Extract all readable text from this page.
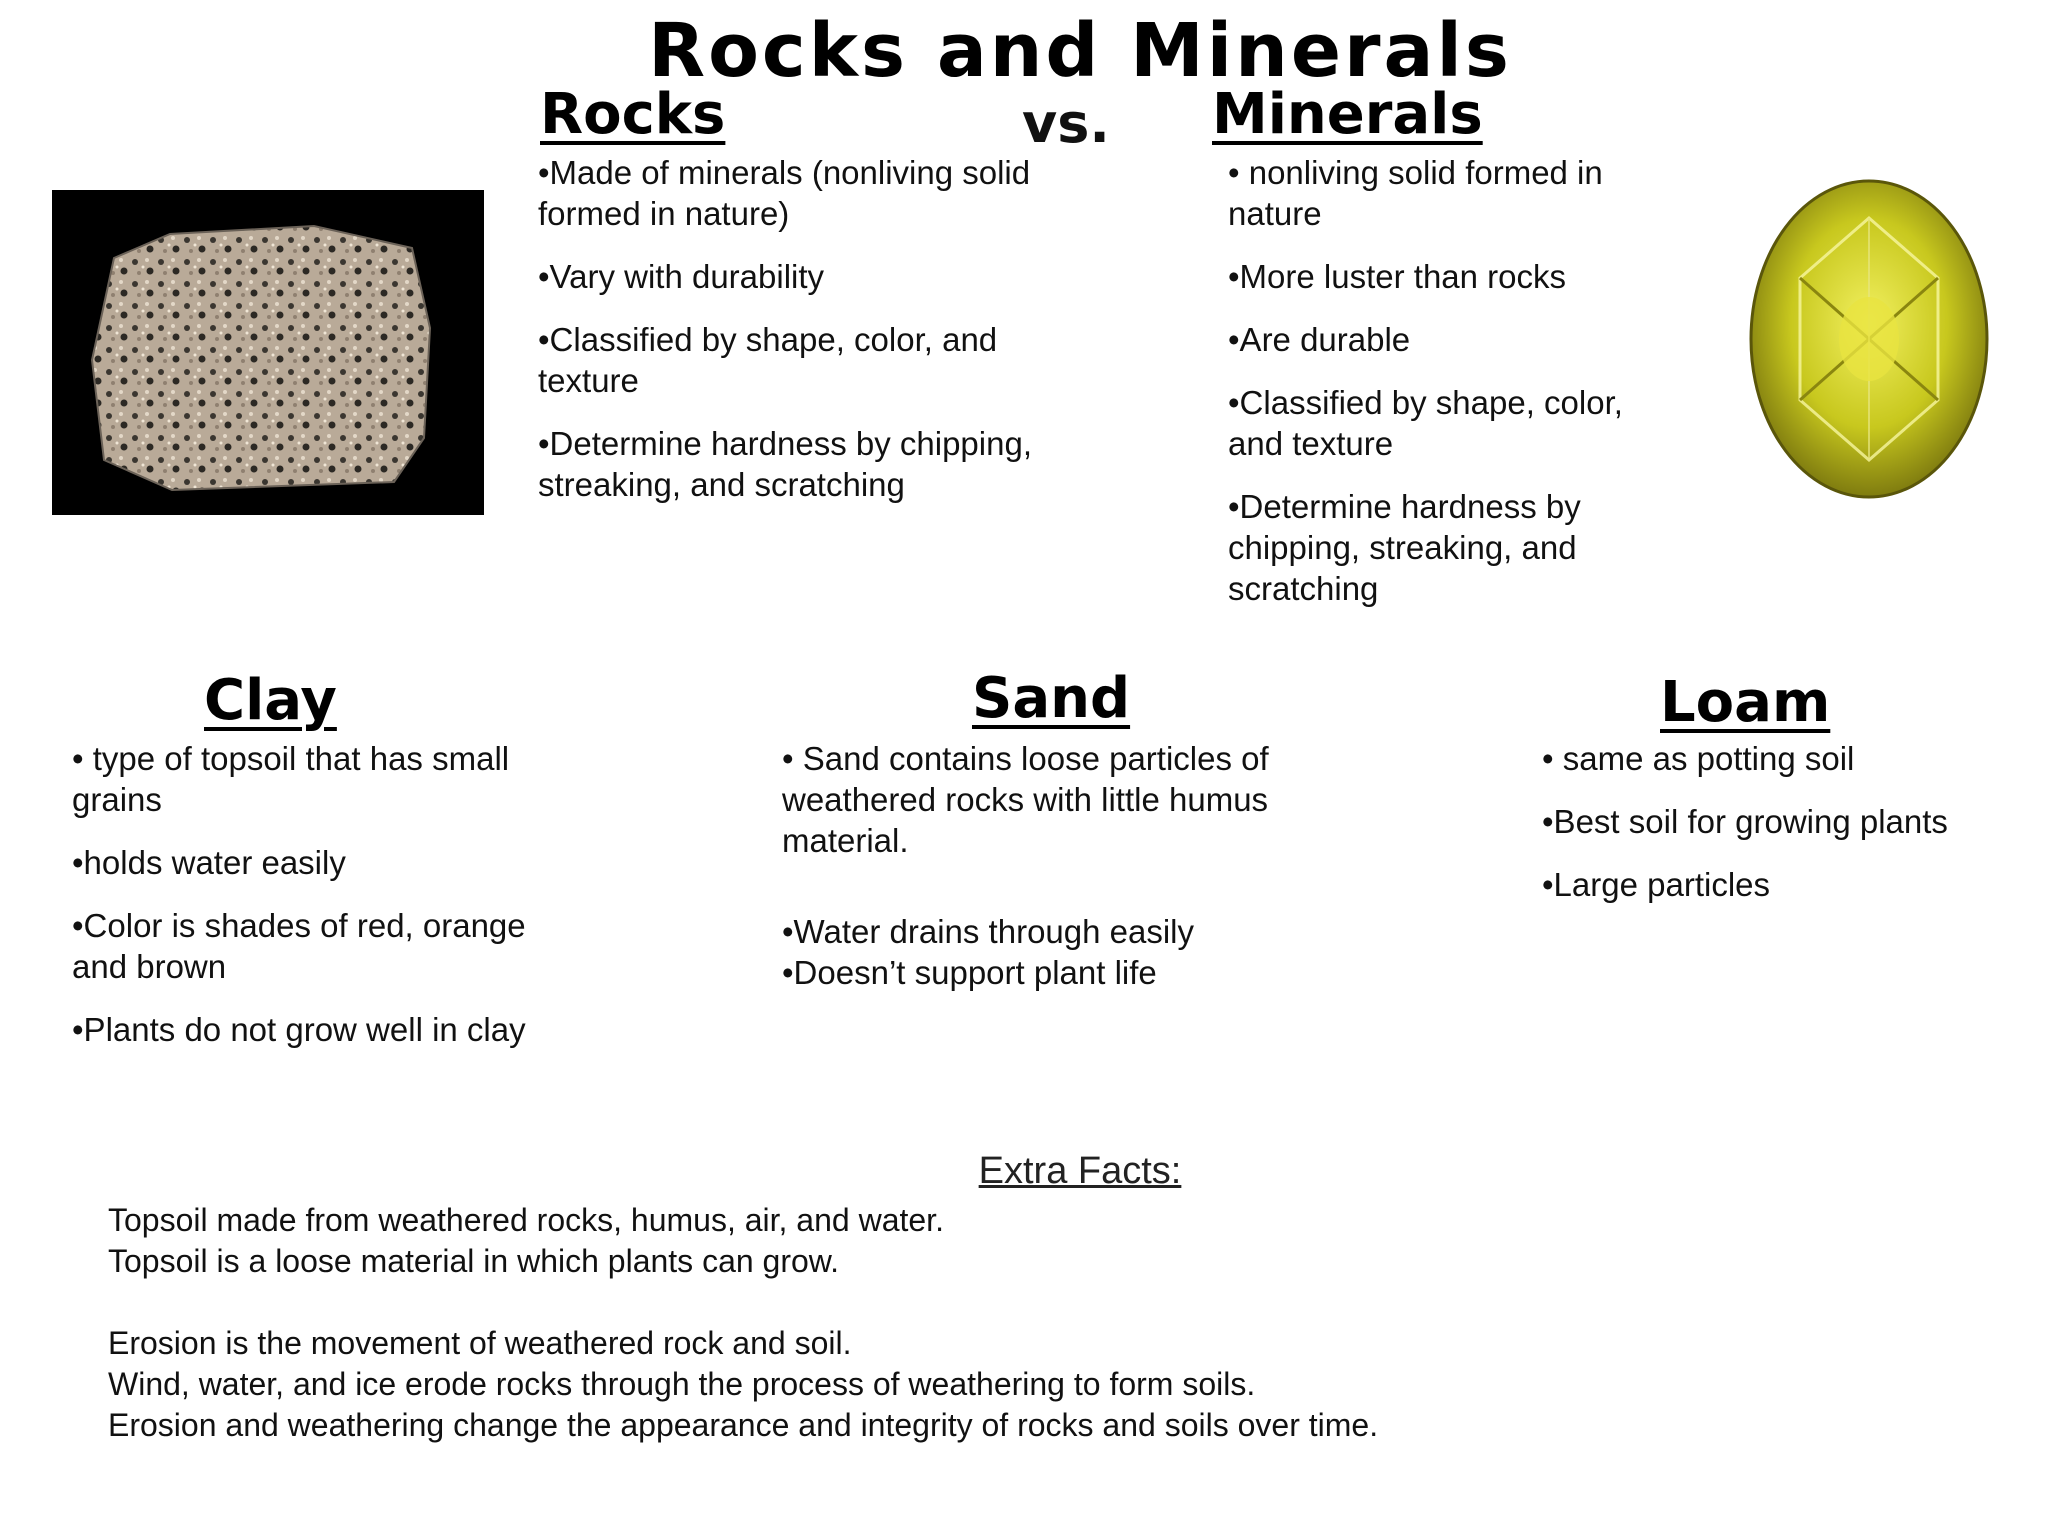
Rocks and Minerals
Rocks	vs. Minerals

•Made of minerals (nonliving solid formed in nature)

•Vary with durability

•Classified by shape, color, and texture

•Determine hardness by chipping, streaking, and scratching

• nonliving solid formed in nature

•More luster than rocks

•Are durable

•Classified by shape, color, and texture

•Determine hardness by chipping, streaking, and scratching

Clay	Sand	Loam

• type of topsoil that has small grains

•holds water easily

•Color is shades of red, orange and brown

•Plants do not grow well in clay

• Sand contains loose particles of weathered rocks with little humus material.

•Water drains through easily

•Doesn’t support plant life

• same as potting soil

•Best soil for growing plants

•Large particles

Extra Facts:
Topsoil made from weathered rocks, humus, air, and water.
Topsoil is a loose material in which plants can grow.
Erosion is the movement of weathered rock and soil.
Wind, water, and ice erode rocks through the process of weathering to form soils.
Erosion and weathering change the appearance and integrity of rocks and soils over time.
